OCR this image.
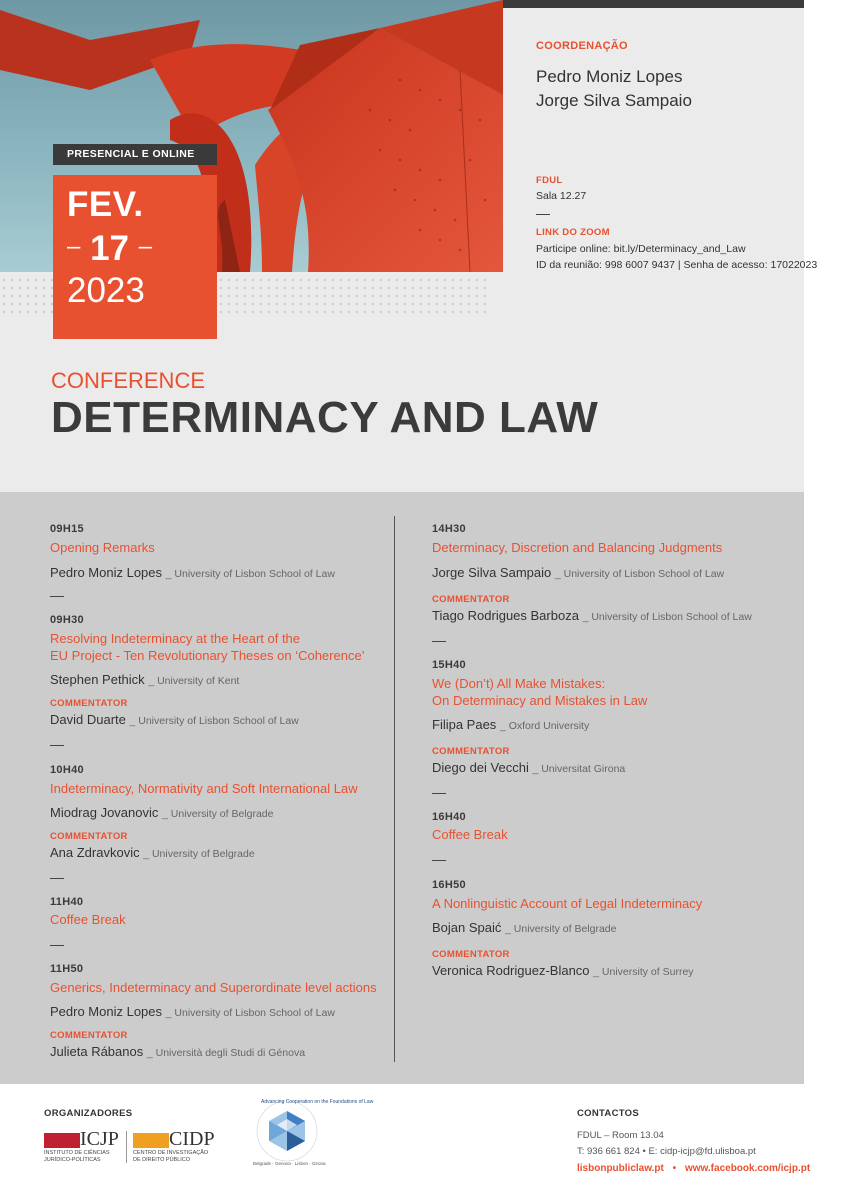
PRESENCIAL E ONLINE
FEV.
– 17 –
2023
COORDENAÇÃO
Pedro Moniz Lopes
Jorge Silva Sampaio
FDUL
Sala 12.27
LINK DO ZOOM
Participe online: bit.ly/Determinacy_and_Law
ID da reunião: 998 6007 9437 | Senha de acesso: 17022023
CONFERENCE
DETERMINACY AND LAW
09H15
Opening Remarks
Pedro Moniz Lopes _ University of Lisbon School of Law
09H30
Resolving Indeterminacy at the Heart of the
EU Project - Ten Revolutionary Theses on ‘Coherence’
Stephen Pethick _ University of Kent
COMMENTATOR
David Duarte _ University of Lisbon School of Law
10H40
Indeterminacy, Normativity and Soft International Law
Miodrag Jovanovic _ University of Belgrade
COMMENTATOR
Ana Zdravkovic _ University of Belgrade
11H40
Coffee Break
11H50
Generics, Indeterminacy and Superordinate level actions
Pedro Moniz Lopes _ University of Lisbon School of Law
COMMENTATOR
Julieta Rábanos _ Università degli Studi di Génova
14H30
Determinacy, Discretion and Balancing Judgments
Jorge Silva Sampaio _ University of Lisbon School of Law
COMMENTATOR
Tiago Rodrigues Barboza _ University of Lisbon School of Law
15H40
We (Don’t) All Make Mistakes:
On Determinacy and Mistakes in Law
Filipa Paes _ Oxford University
COMMENTATOR
Diego dei Vecchi _ Universitat Girona
16H40
Coffee Break
16H50
A Nonlinguistic Account of Legal Indeterminacy
Bojan Spaić _ University of Belgrade
COMMENTATOR
Veronica Rodriguez-Blanco _ University of Surrey
ORGANIZADORES
ICJP
INSTITUTO DE CIÊNCIAS
JURÍDICO-POLÍTICAS
CIDP
CENTRO DE INVESTIGAÇÃO
DE DIREITO PÚBLICO
Advancing Cooperation on the Foundations of Law
Belgrade · Genova · Lisbon · Girona
CONTACTOS
FDUL – Room 13.04
T: 936 661 824 • E: cidp-icjp@fd.ulisboa.pt
lisbonpubliclaw.pt • www.facebook.com/icjp.pt
